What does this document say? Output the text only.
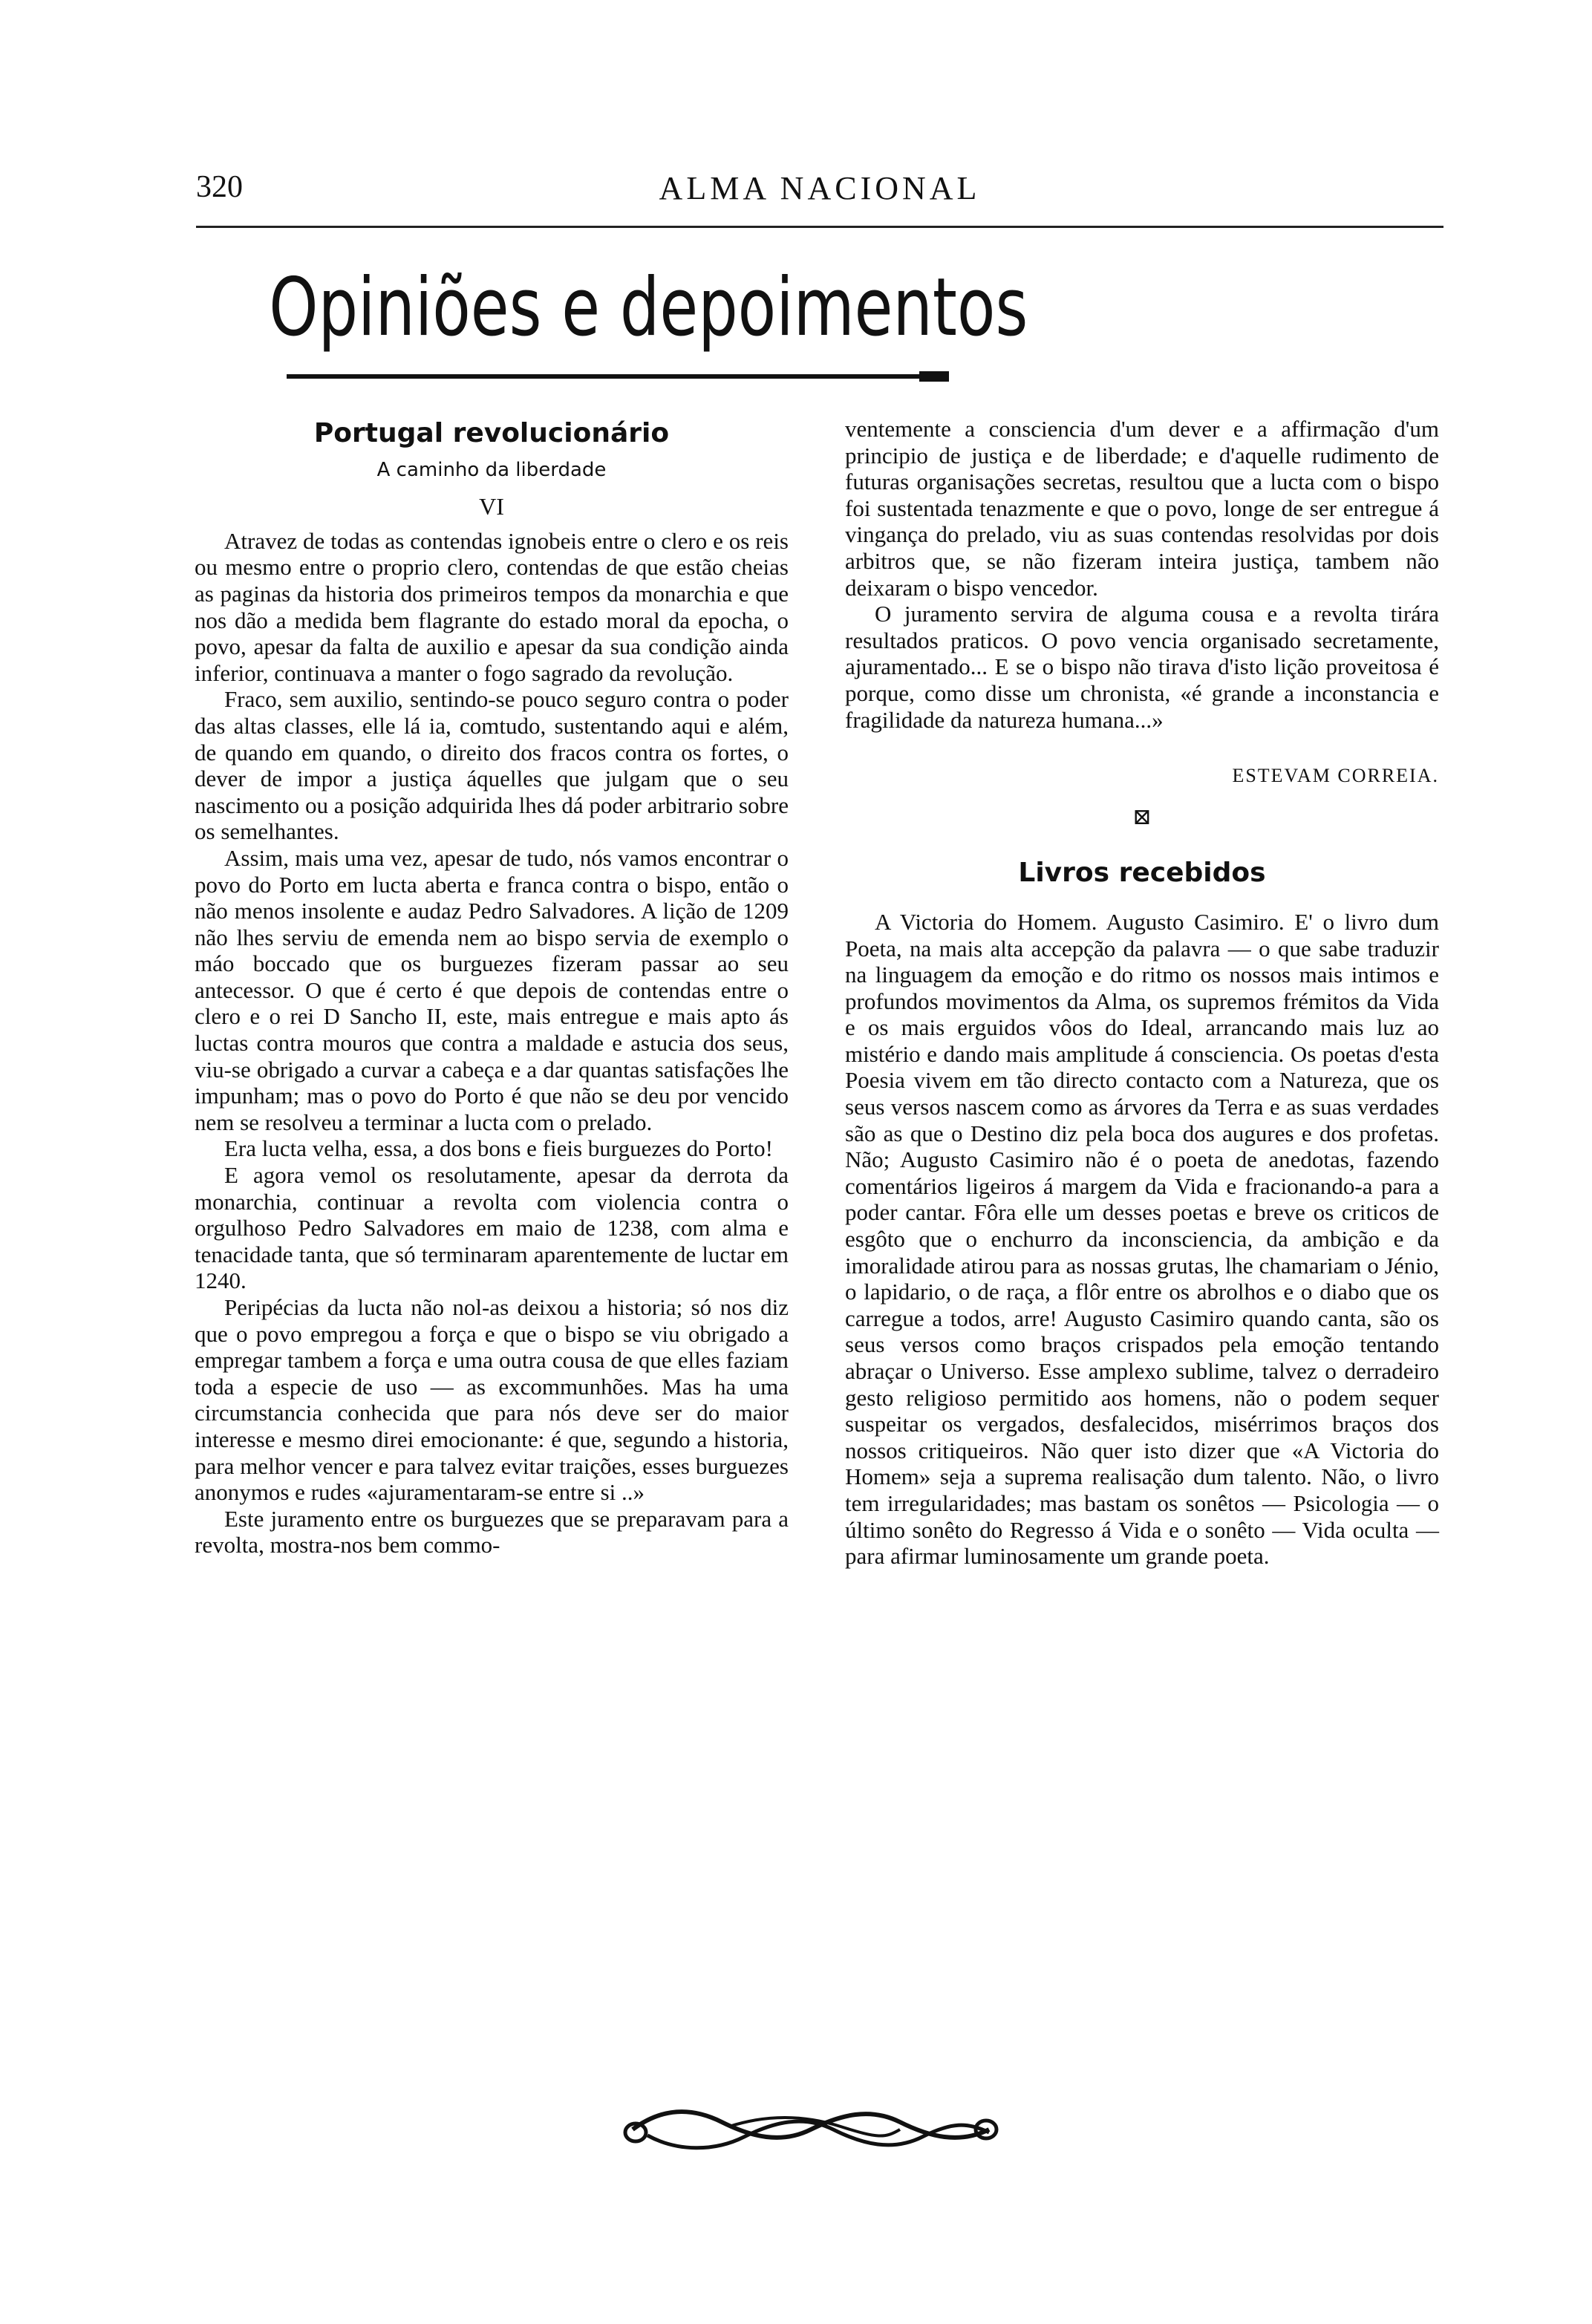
320	ALMA NACIONAL
Opiniões e depoimentos
Portugal revolucionário
A caminho da liberdade
VI

Atravez de todas as contendas ignobeis entre o clero e os reis ou mesmo entre o proprio clero, contendas de que estão cheias as paginas da historia dos primeiros tempos da monarchia e que nos dão a medida bem flagrante do estado moral da epocha, o povo, apesar da falta de auxilio e apesar da sua condição ainda inferior, continuava a manter o fogo sagrado da revolução.

Fraco, sem auxilio, sentindo-se pouco seguro contra o poder das altas classes, elle lá ia, comtudo, sustentando aqui e além, de quando em quando, o direito dos fracos contra os fortes, o dever de impor a justiça áquelles que julgam que o seu nascimento ou a posição adquirida lhes dá poder arbitrario sobre os semelhantes.

Assim, mais uma vez, apesar de tudo, nós vamos encontrar o povo do Porto em lucta aberta e franca contra o bispo, então o não menos insolente e audaz Pedro Salvadores. A lição de 1209 não lhes serviu de emenda nem ao bispo servia de exemplo o máo boccado que os burguezes fizeram passar ao seu antecessor. O que é certo é que depois de contendas entre o clero e o rei D Sancho II, este, mais entregue e mais apto ás luctas contra mouros que contra a maldade e astucia dos seus, viu-se obrigado a curvar a cabeça e a dar quantas satisfações lhe impunham; mas o povo do Porto é que não se deu por vencido nem se resolveu a terminar a lucta com o prelado.

Era lucta velha, essa, a dos bons e fieis burguezes do Porto!

E agora vemol os resolutamente, apesar da derrota da monarchia, continuar a revolta com violencia contra o orgulhoso Pedro Salvadores em maio de 1238, com alma e tenacidade tanta, que só terminaram aparentemente de luctar em 1240.

Peripécias da lucta não nol-as deixou a historia; só nos diz que o povo empregou a força e que o bispo se viu obrigado a empregar tambem a força e uma outra cousa de que elles faziam toda a especie de uso — as excommunhões. Mas ha uma circumstancia conhecida que para nós deve ser do maior interesse e mesmo direi emocionante: é que, segundo a historia, para melhor vencer e para talvez evitar traições, esses burguezes anonymos e rudes «ajuramentaram-se entre si ..»

Este juramento entre os burguezes que se preparavam para a revolta, mostra-nos bem commo-

ventemente a consciencia d'um dever e a affirmação d'um principio de justiça e de liberdade; e d'aquelle rudimento de futuras organisações secretas, resultou que a lucta com o bispo foi sustentada tenazmente e que o povo, longe de ser entregue á vingança do prelado, viu as suas contendas resolvidas por dois arbitros que, se não fizeram inteira justiça, tambem não deixaram o bispo vencedor.

O juramento servira de alguma cousa e a revolta tirára resultados praticos. O povo vencia organisado secretamente, ajuramentado... E se o bispo não tirava d'isto lição proveitosa é porque, como disse um chronista, «é grande a inconstancia e fragilidade da natureza humana...»

ESTEVAM CORREIA.
⊠
Livros recebidos

A Victoria do Homem. Augusto Casimiro. E' o livro dum Poeta, na mais alta accepção da palavra — o que sabe traduzir na linguagem da emoção e do ritmo os nossos mais intimos e profundos movimentos da Alma, os supremos frémitos da Vida e os mais erguidos vôos do Ideal, arrancando mais luz ao mistério e dando mais amplitude á consciencia. Os poetas d'esta Poesia vivem em tão directo contacto com a Natureza, que os seus versos nascem como as árvores da Terra e as suas verdades são as que o Destino diz pela boca dos augures e dos profetas. Não; Augusto Casimiro não é o poeta de anedotas, fazendo comentários ligeiros á margem da Vida e fracionando-a para a poder cantar. Fôra elle um desses poetas e breve os criticos de esgôto que o enchurro da inconsciencia, da ambição e da imoralidade atirou para as nossas grutas, lhe chamariam o Jénio, o lapidario, o de raça, a flôr entre os abrolhos e o diabo que os carregue a todos, arre! Augusto Casimiro quando canta, são os seus versos como braços crispados pela emoção tentando abraçar o Universo. Esse amplexo sublime, talvez o derradeiro gesto religioso permitido aos homens, não o podem sequer suspeitar os vergados, desfalecidos, misérrimos braços dos nossos critiqueiros. Não quer isto dizer que «A Victoria do Homem» seja a suprema realisação dum talento. Não, o livro tem irregularidades; mas bastam os sonêtos — Psicologia — o último sonêto do Regresso á Vida e o sonêto — Vida oculta — para afirmar luminosamente um grande poeta.
